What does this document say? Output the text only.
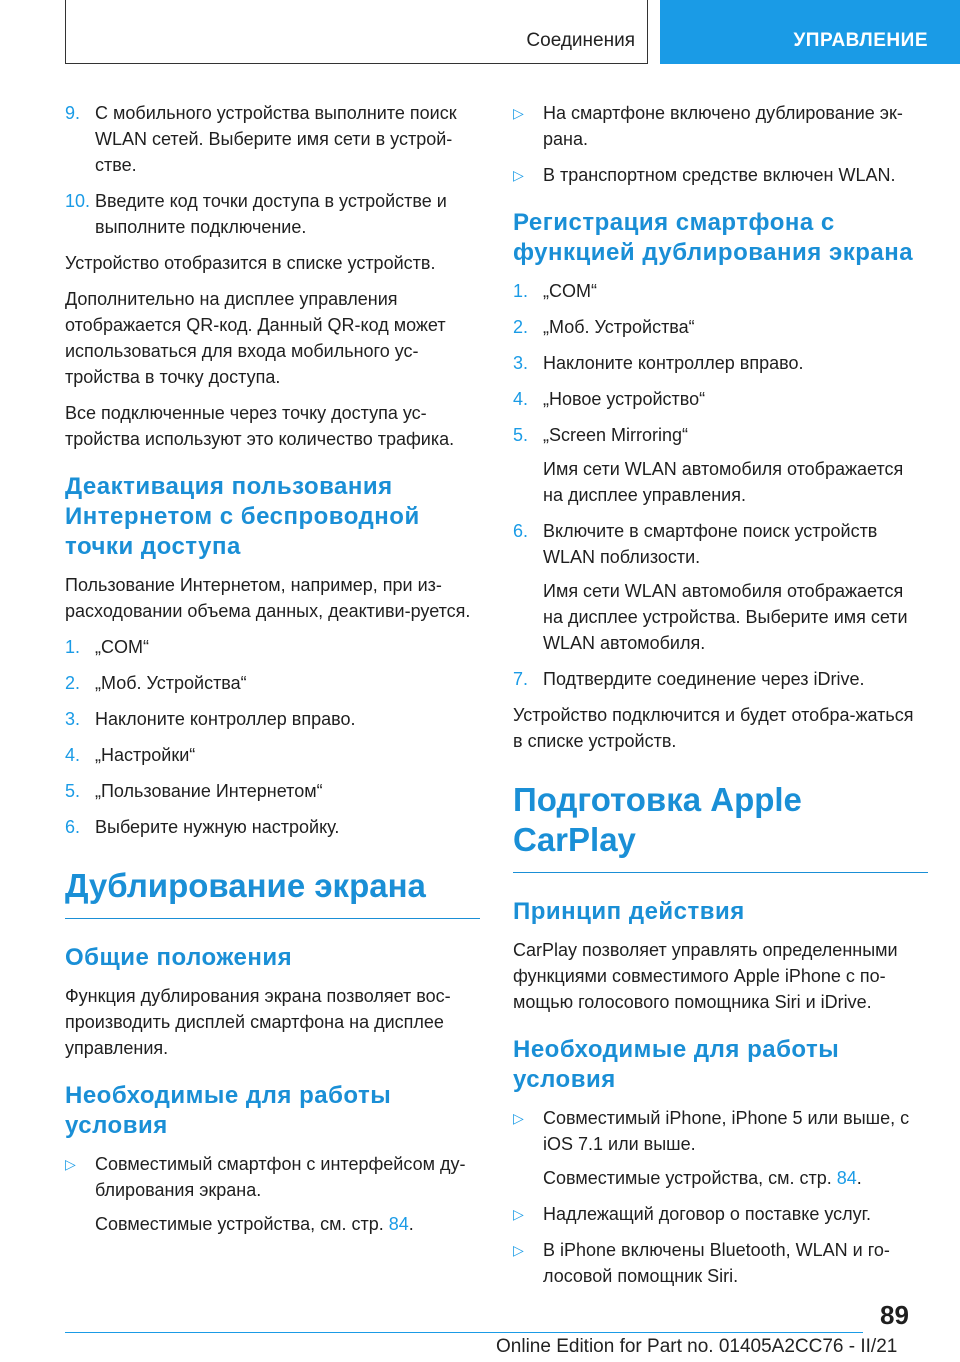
Соединения	УПРАВЛЕНИЕ
9. С мобильного устройства выполните поиск WLAN сетей. Выберите имя сети в устрой-стве.
10. Введите код точки доступа в устройстве и выполните подключение.

Устройство отобразится в списке устройств.

Дополнительно на дисплее управления отображается QR-код. Данный QR-код может использоваться для входа мобильного ус-тройства в точку доступа.

Все подключенные через точку доступа ус-тройства используют это количество трафика.

Деактивация пользования Интернетом с беспроводной точки доступа

Пользование Интернетом, например, при из-расходовании объема данных, деактиви-руется.

1. „COM“
2. „Моб. Устройства“
3. Наклоните контроллер вправо.
4. „Настройки“
5. „Пользование Интернетом“
6. Выберите нужную настройку.
Дублирование экрана
Общие положения

Функция дублирования экрана позволяет вос-производить дисплей смартфона на дисплее управления.

Необходимые для работы условия
▷ Совместимый смартфон с интерфейсом ду-блирования экрана.
Совместимые устройства, см. стр. 84.
▷ На смартфоне включено дублирование эк-рана.
▷ В транспортном средстве включен WLAN.
Регистрация смартфона с функцией дублирования экрана
1. „COM“
2. „Моб. Устройства“
3. Наклоните контроллер вправо.
4. „Новое устройство“
5. „Screen Mirroring“
Имя сети WLAN автомобиля отображается на дисплее управления.
6. Включите в смартфоне поиск устройств WLAN поблизости.
Имя сети WLAN автомобиля отображается на дисплее устройства. Выберите имя сети WLAN автомобиля.
7. Подтвердите соединение через iDrive.

Устройство подключится и будет отобра-жаться в списке устройств.

Подготовка Apple CarPlay
Принцип действия

CarPlay позволяет управлять определенными функциями совместимого Apple iPhone с по-мощью голосового помощника Siri и iDrive.

Необходимые для работы условия
▷ Совместимый iPhone, iPhone 5 или выше, с iOS 7.1 или выше.
Совместимые устройства, см. стр. 84.
▷ Надлежащий договор о поставке услуг.
▷ В iPhone включены Bluetooth, WLAN и го-лосовой помощник Siri.
89
Online Edition for Part no. 01405A2CC76 - II/21
